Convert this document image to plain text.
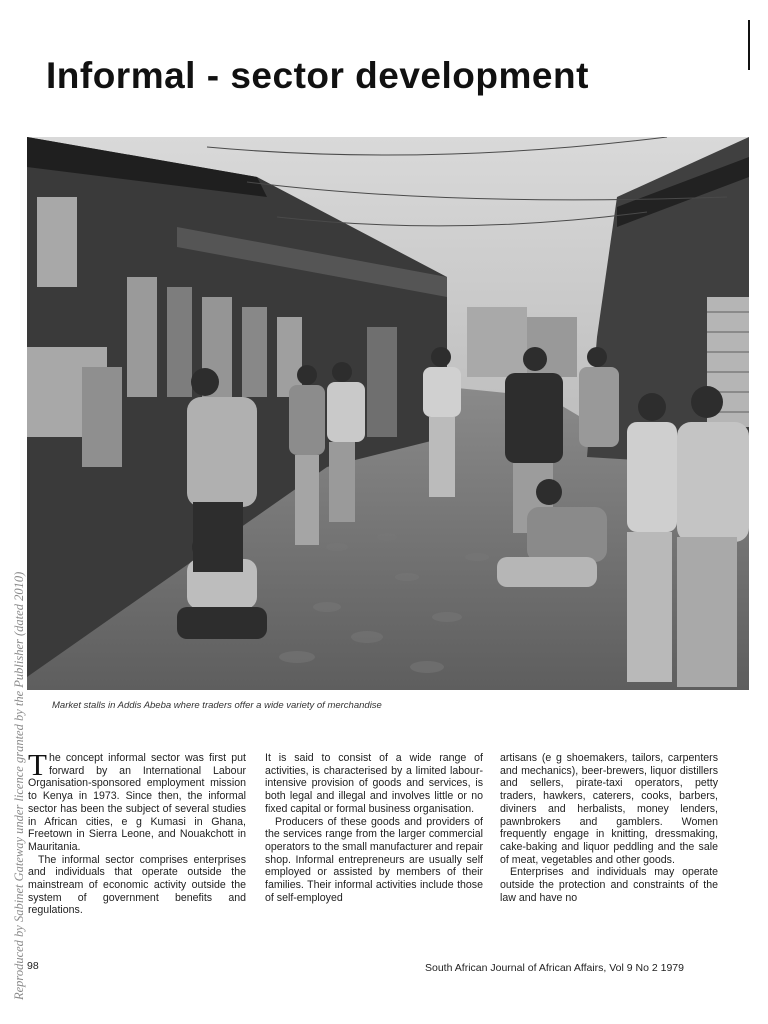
Informal - sector development
Market stalls in Addis Abeba where traders offer a wide variety of merchandise
Reproduced by Sabinet Gateway under licence granted by the Publisher (dated 2010) The concept informal sector was first put forward by an International Labour Organisation-sponsored employment mission to Kenya in 1973. Since then, the informal sector has been the subject of several studies in African cities, e g Kumasi in Ghana, Freetown in Sierra Leone, and Nouakchott in Mauritania.

The informal sector comprises enterprises and individuals that operate outside the mainstream of economic activity outside the system of government benefits and regulations.

It is said to consist of a wide range of activities, is characterised by a limited labour-intensive provision of goods and services, is both legal and illegal and involves little or no fixed capital or formal business organisation.

Producers of these goods and providers of the services range from the larger commercial operators to the small manufacturer and repair shop. Informal entrepreneurs are usually self employed or assisted by members of their families. Their informal activities include those of self-employed

artisans (e g shoemakers, tailors, carpenters and mechanics), beer-brewers, liquor distillers and sellers, pirate-taxi operators, petty traders, hawkers, caterers, cooks, barbers, diviners and herbalists, money lenders, pawnbrokers and gamblers. Women frequently engage in knitting, dressmaking, cake-baking and liquor peddling and the sale of meat, vegetables and other goods.

Enterprises and individuals may operate outside the protection and constraints of the law and have no

98	South African Journal of African Affairs, Vol 9 No 2 1979
